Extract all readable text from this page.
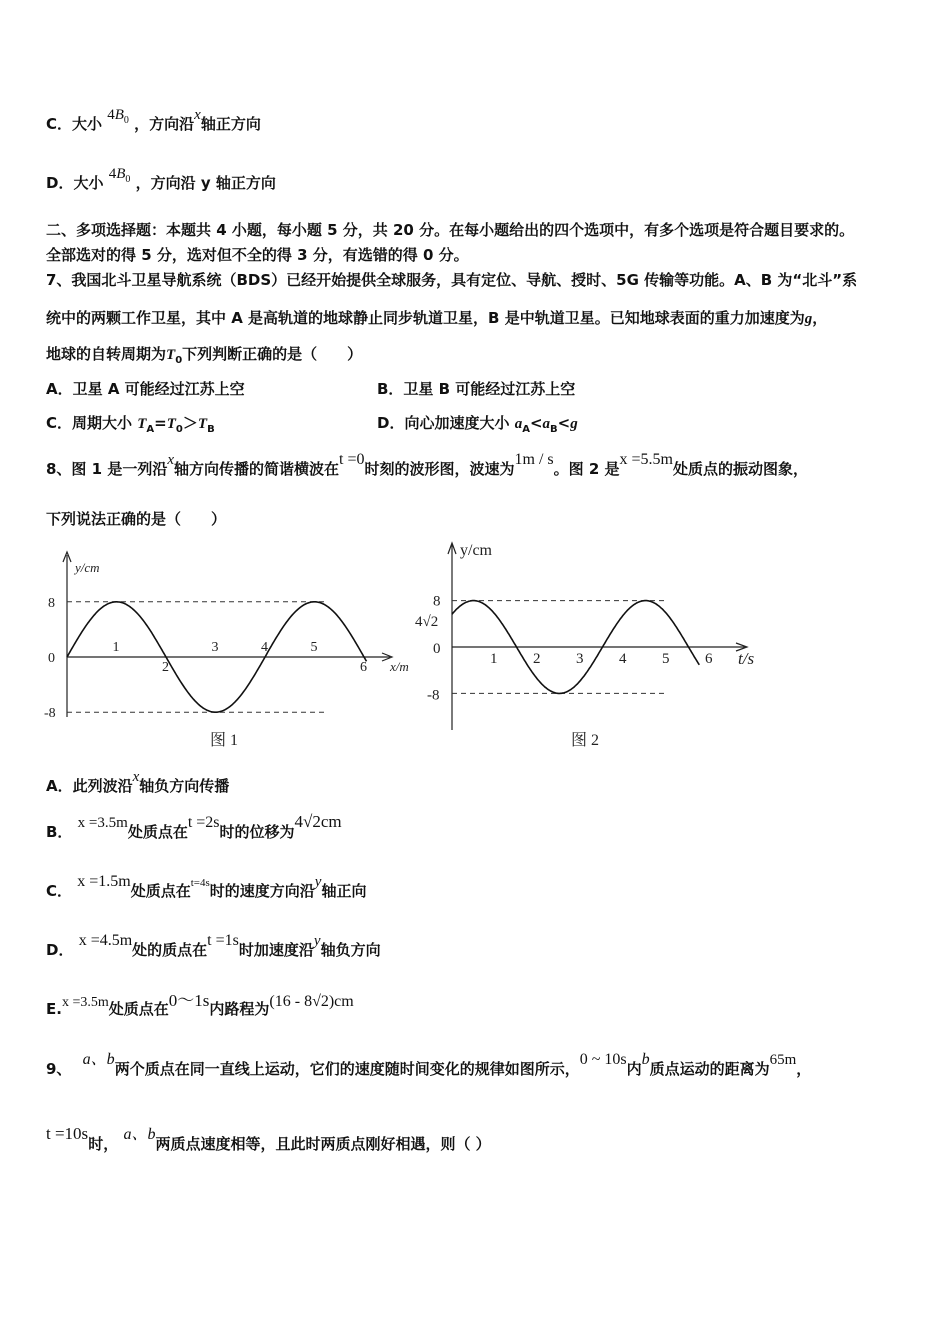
C．大小 $4B_0$ ，方向沿x轴正方向
D．大小 $4B_0$ ，方向沿 y 轴正方向
二、多项选择题：本题共 4 小题，每小题 5 分，共 20 分。在每小题给出的四个选项中，有多个选项是符合题目要求的。
全部选对的得 5 分，选对但不全的得 3 分，有选错的得 0 分。
7、我国北斗卫星导航系统（BDS）已经开始提供全球服务，具有定位、导航、授时、5G 传输等功能。A、B 为“北斗”系
统中的两颗工作卫星，其中 A 是高轨道的地球静止同步轨道卫星，B 是中轨道卫星。已知地球表面的重力加速度为g，
地球的自转周期为$T_0$下列判断正确的是（　　）
A．卫星 A 可能经过江苏上空	B．卫星 B 可能经过江苏上空
C．周期大小 $T_A=T_0>T_B$	D．向心加速度大小 $a_A<a_B<g$
8、图 1 是一列沿x轴方向传播的简谐横波在t =0时刻的波形图，波速为1m / s。图 2 是x =5.5m处质点的振动图象，
下列说法正确的是（　　）
y/cm
x/m
8
0
-8
1
2
3	4	5
6
y/cm
t/s
8
4√2
0
-8
1 2 3 4 5 6
图 1	图 2
A．此列波沿x轴负方向传播
B． x =3.5m处质点在t =2s时的位移为4√2cm
C． x =1.5m处质点在$^{t=4s}$时的速度方向沿y轴正向
D． x =4.5m处的质点在t =1s时加速度沿y轴负方向
E.x =3.5m处质点在0～1s内路程为(16 - 8√2)cm
9、 a、b两个质点在同一直线上运动，它们的速度随时间变化的规律如图所示，0 ~ 10s内b质点运动的距离为65m，
t =10s时， a、b两质点速度相等，且此时两质点刚好相遇，则（ ）
